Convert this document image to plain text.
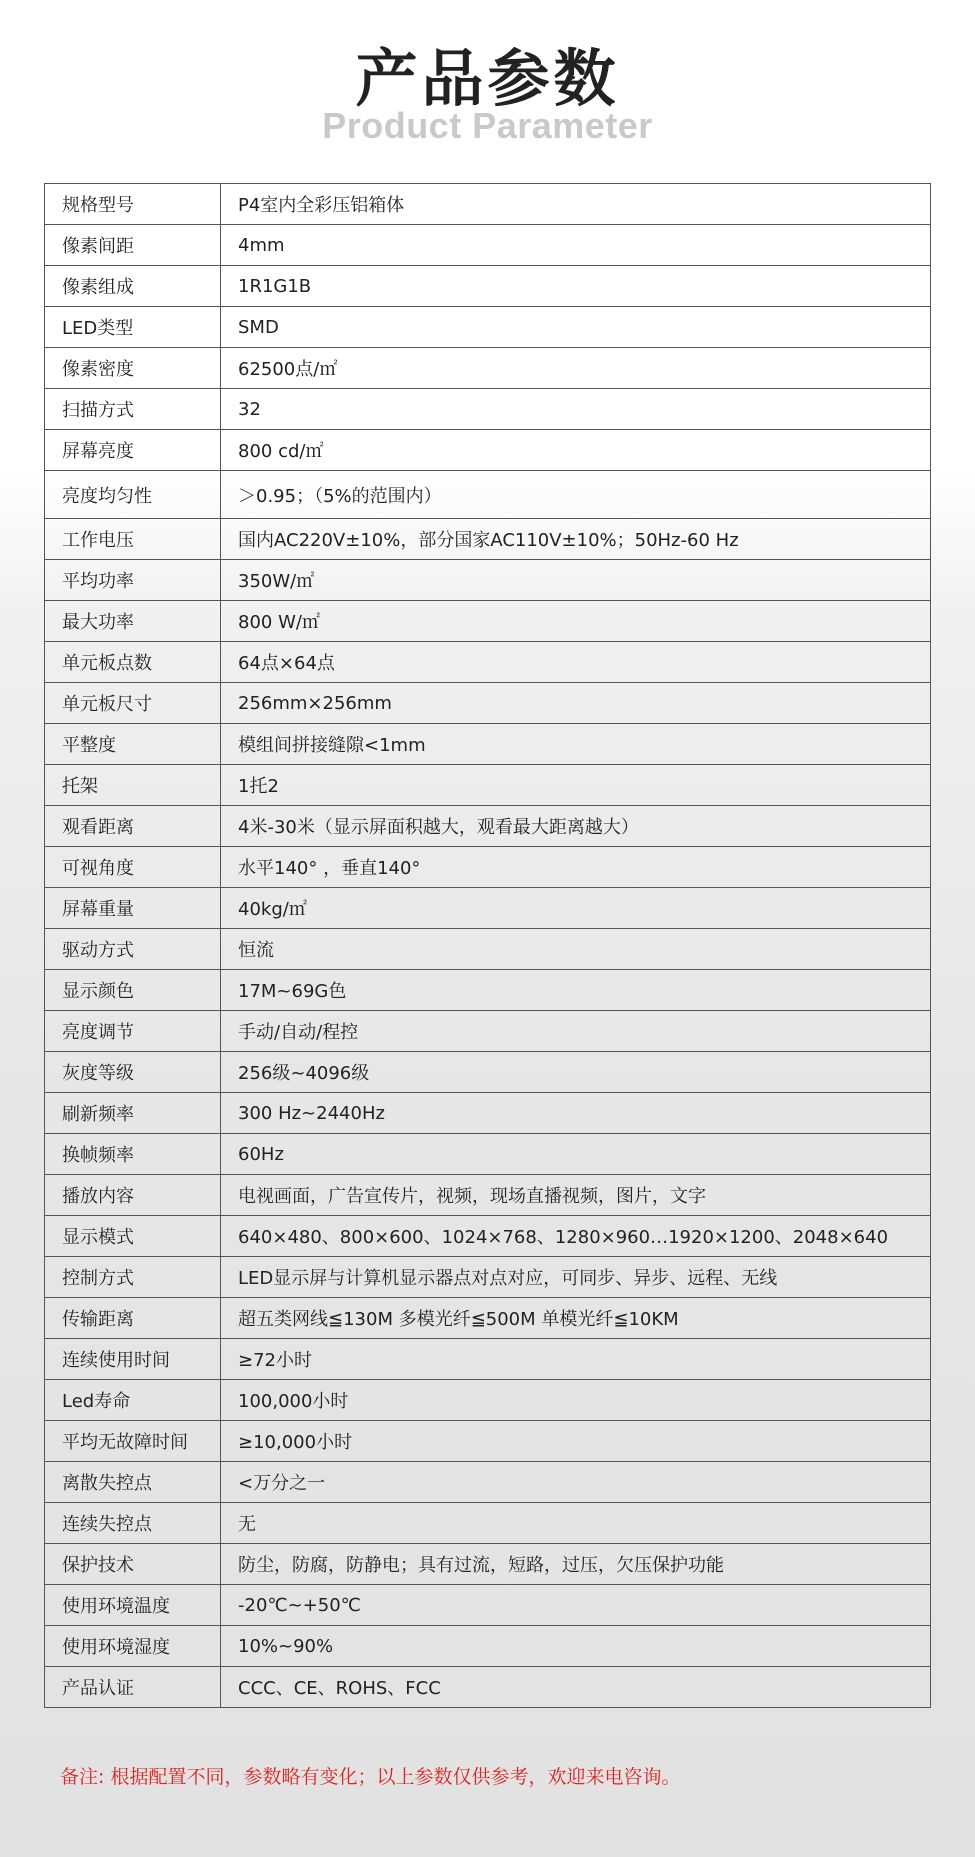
产品参数
Product Parameter
规格型号	P4室内全彩压铝箱体
像素间距	4mm
像素组成	1R1G1B
LED类型	SMD
像素密度	62500点/㎡
扫描方式	32
屏幕亮度	800 cd/㎡
亮度均匀性	＞0.95；（5%的范围内）
工作电压	国内AC220V±10%，部分国家AC110V±10%；50Hz-60 Hz
平均功率	350W/㎡
最大功率	800 W/㎡
单元板点数	64点×64点
单元板尺寸	256mm×256mm
平整度	模组间拼接缝隙<1mm
托架	1托2
观看距离	4米-30米（显示屏面积越大，观看最大距离越大）
可视角度	水平140° ，垂直140°
屏幕重量	40kg/㎡
驱动方式	恒流
显示颜色	17M~69G色
亮度调节	手动/自动/程控
灰度等级	256级~4096级
刷新频率	300 Hz~2440Hz
换帧频率	60Hz
播放内容	电视画面，广告宣传片，视频，现场直播视频，图片，文字
显示模式	640×480、800×600、1024×768、1280×960…1920×1200、2048×640
控制方式	LED显示屏与计算机显示器点对点对应，可同步、异步、远程、无线
传输距离	超五类网线≦130M 多模光纤≦500M 单模光纤≦10KM
连续使用时间	≥72小时
Led寿命	100,000小时
平均无故障时间	≥10,000小时
离散失控点	<万分之一
连续失控点	无
保护技术	防尘，防腐，防静电；具有过流，短路，过压，欠压保护功能
使用环境温度	-20℃~+50℃
使用环境湿度	10%~90%
产品认证	CCC、CE、ROHS、FCC
备注: 根据配置不同，参数略有变化；以上参数仅供参考，欢迎来电咨询。
